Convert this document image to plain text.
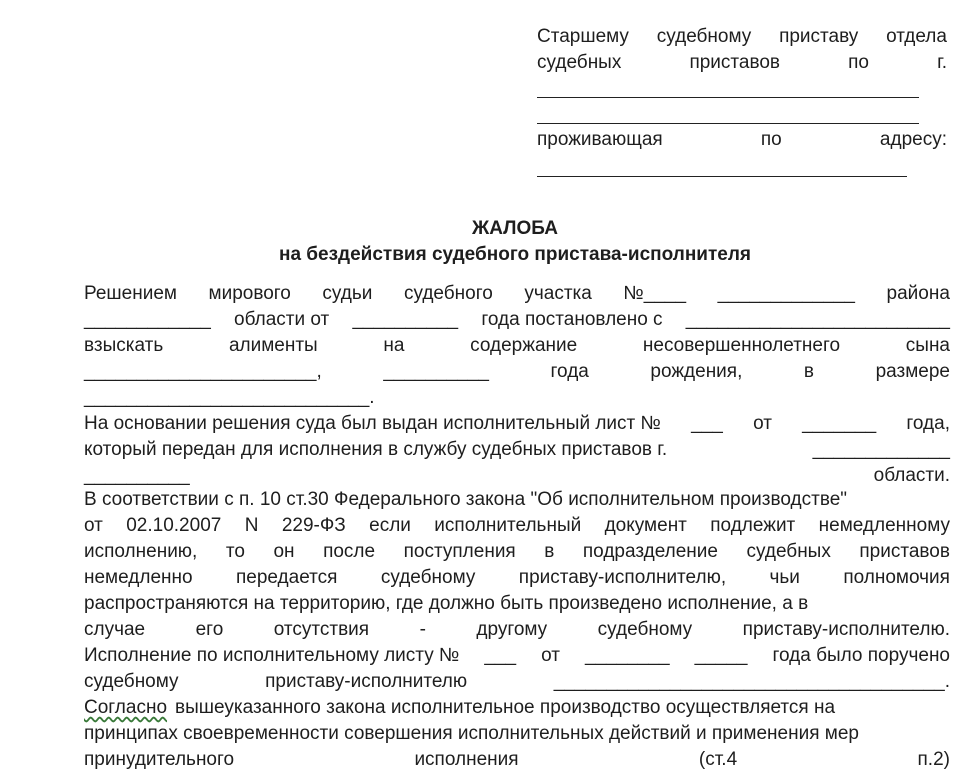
Старшему судебному приставу отдела
судебных	приставов	по	г.
проживающая	по	адресу:
ЖАЛОБА
на бездействия судебного пристава-исполнителя
Решением мирового судьи судебного участка №____ _____________ района
____________ области от __________ года постановлено с _________________________
взыскать	алименты	на	содержание	несовершеннолетнего	сына
______________________,	__________	года	рождения,	в	размере
___________________________.
На основании решения суда был выдан исполнительный лист № ___ от _______ года,
который передан для исполнения в службу судебных приставов г.	_____________
__________	области.
В соответствии с п. 10 ст.30 Федерального закона "Об исполнительном производстве"
от 02.10.2007 N 229-ФЗ если исполнительный документ подлежит немедленному
исполнению, то он после поступления в подразделение судебных приставов
немедленно передается судебному приставу-исполнителю, чьи полномочия
распространяются на территорию, где должно быть произведено исполнение, а в
случае	его	отсутствия	-	другому	судебному	приставу-исполнителю.
Исполнение по исполнительному листу № ___ от ________ _____ года было поручено
судебному	приставу-исполнителю	_____________________________________.
Согласно вышеуказанного закона исполнительное производство осуществляется на
принципах своевременности совершения исполнительных действий и применения мер
принудительного	исполнения	(ст.4	п.2)
